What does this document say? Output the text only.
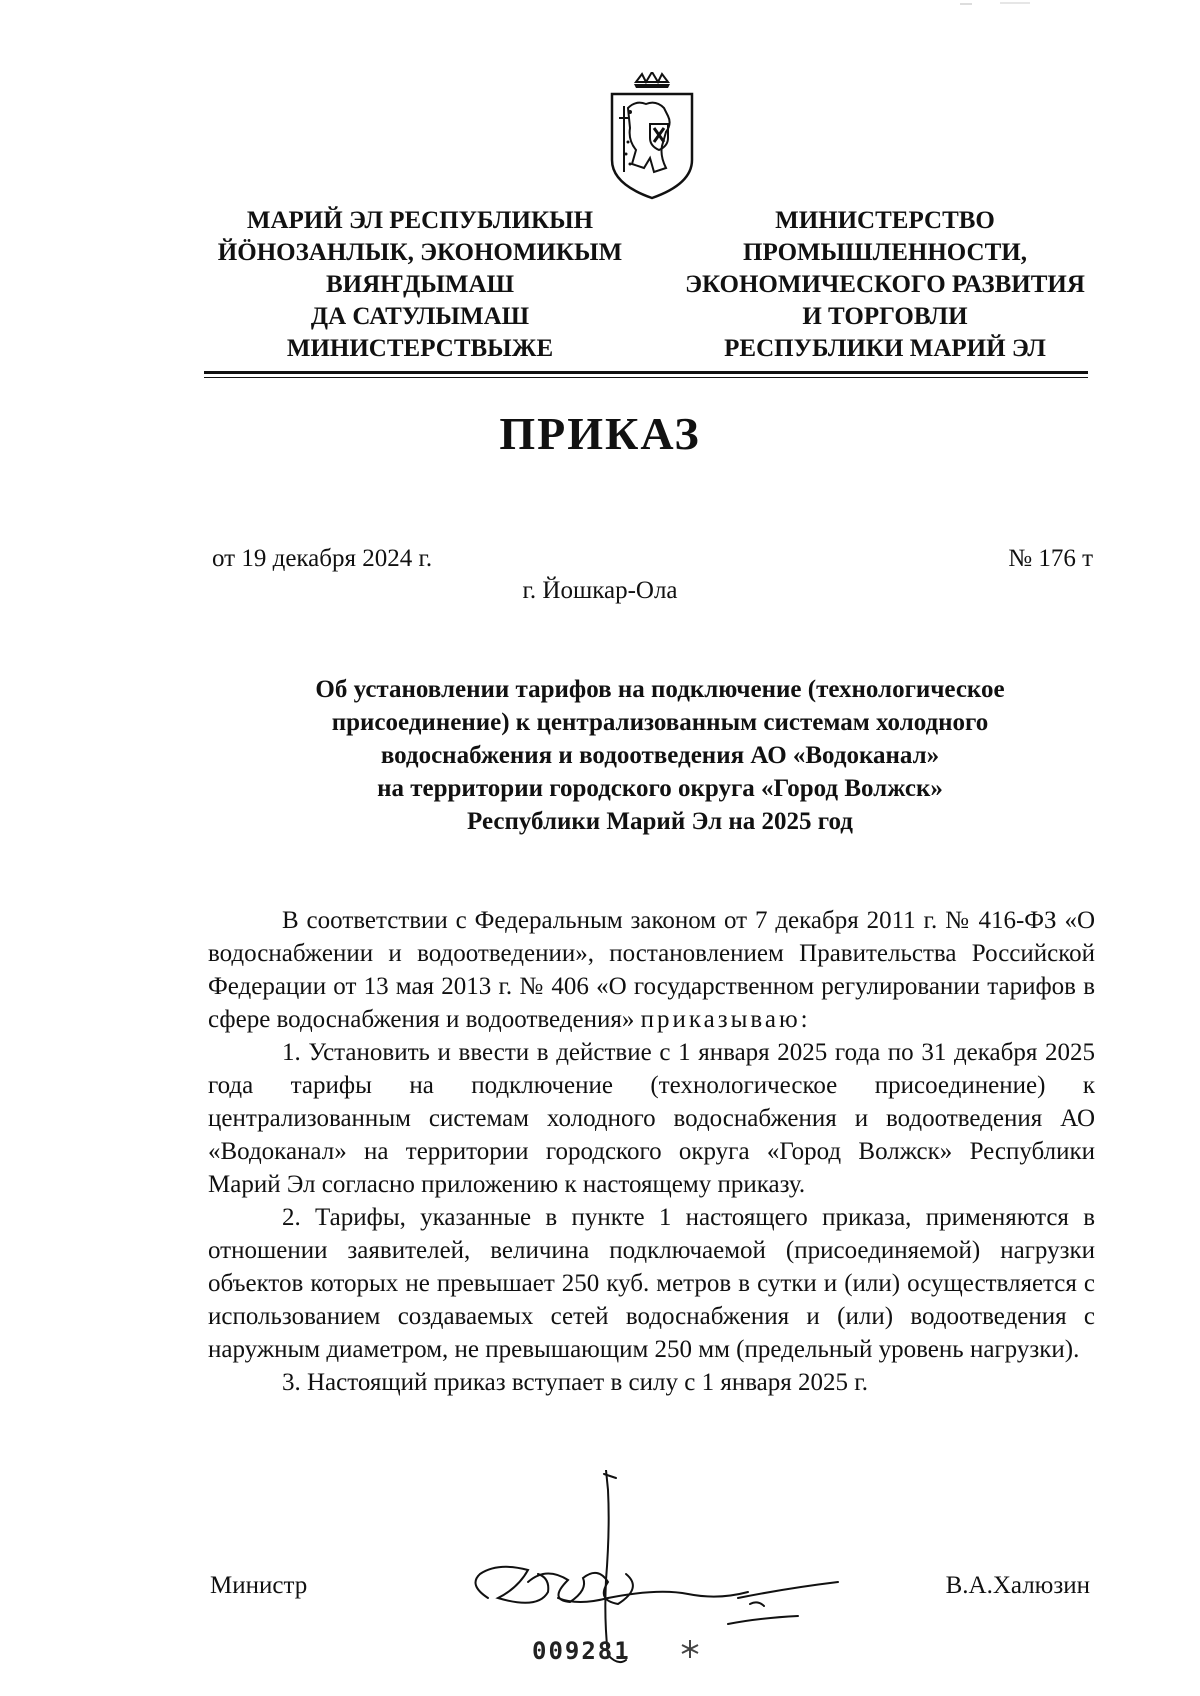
МАРИЙ ЭЛ РЕСПУБЛИКЫН
ЙӦНОЗАНЛЫК, ЭКОНОМИКЫМ
ВИЯҤДЫМАШ
ДА САТУЛЫМАШ
МИНИСТЕРСТВЫЖЕ
МИНИСТЕРСТВО
ПРОМЫШЛЕННОСТИ,
ЭКОНОМИЧЕСКОГО РАЗВИТИЯ
И ТОРГОВЛИ
РЕСПУБЛИКИ МАРИЙ ЭЛ
ПРИКАЗ
от 19 декабря 2024 г.	№ 176 т
г. Йошкар-Ола
Об установлении тарифов на подключение (технологическое
присоединение) к централизованным системам холодного
водоснабжения и водоотведения АО «Водоканал»
на территории городского округа «Город Волжск»
Республики Марий Эл на 2025 год

В соответствии с Федеральным законом от 7 декабря 2011 г. № 416-ФЗ «О водоснабжении и водоотведении», постановлением Правительства Российской Федерации от 13 мая 2013 г. № 406 «О государственном регулировании тарифов в сфере водоснабжения и водоотведения» приказываю:

1. Установить и ввести в действие с 1 января 2025 года по 31 декабря 2025 года тарифы на подключение (технологическое присоединение) к централизованным системам холодного водоснабжения и водоотведения АО «Водоканал» на территории городского округа «Город Волжск» Республики Марий Эл согласно приложению к настоящему приказу.

2. Тарифы, указанные в пункте 1 настоящего приказа, применяются в отношении заявителей, величина подключаемой (присоединяемой) нагрузки объектов которых не превышает 250 куб. метров в сутки и (или) осуществляется с использованием создаваемых сетей водоснабжения и (или) водоотведения с наружным диаметром, не превышающим 250 мм (предельный уровень нагрузки).

3. Настоящий приказ вступает в силу с 1 января 2025 г.

Министр	В.А.Халюзин
009281
